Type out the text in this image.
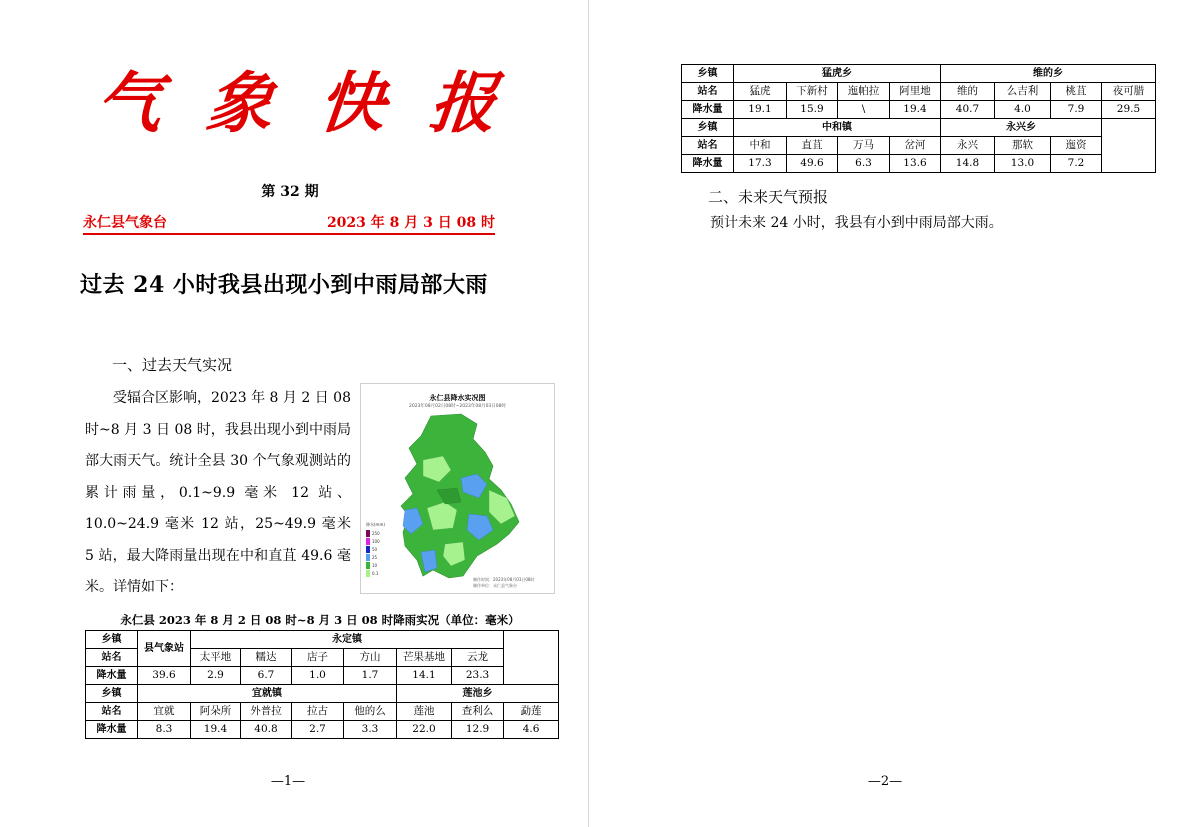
气 象 快 报
第 32 期
永仁县气象台	2023 年 8 月 3 日 08 时
过去 24 小时我县出现小到中雨局部大雨
一、过去天气实况
受辐合区影响，2023 年 8 月 2 日 08 时~8 月 3 日 08 时，我县出现小到中雨局部大雨天气。统计全县 30 个气象观测站的累计雨量，0.1~9.9 毫米 12 站、10.0~24.9 毫米 12 站，25~49.9 毫米 5 站，最大降雨量出现在中和直苴 49.6 毫米。详情如下：
永仁县降水实况图
2023年08月02日08时~2023年08月03日08时
降水(mm)
250
100
50
25
10
0.1
制作时间：2023年08月03日08时
制作单位：永仁县气象台
永仁县 2023 年 8 月 2 日 08 时~8 月 3 日 08 时降雨实况（单位：毫米）
乡镇	县气象站	永定镇						
站名		太平地	糯达	店子	方山	芒果基地	云龙	
降水量	39.6	2.9	6.7	1.0	1.7	14.1	23.3	
乡镇	宜就镇					莲池乡		
站名	宜就	阿朵所	外普拉	拉古	他的么	莲池	查利么	勐莲
降水量	8.3	19.4	40.8	2.7	3.3	22.0	12.9	4.6
—1—
乡镇	猛虎乡				维的乡			
站名	猛虎	下新村	迤帕拉	阿里地	维的	么吉利	桃苴	夜可腊
降水量	19.1	15.9	\	19.4	40.7	4.0	7.9	29.5
乡镇	中和镇				永兴乡			
站名	中和	直苴	万马	岔河	永兴	那软	迤资	
降水量	17.3	49.6	6.3	13.6	14.8	13.0	7.2	
二、未来天气预报
预计未来 24 小时，我县有小到中雨局部大雨。
—2—
